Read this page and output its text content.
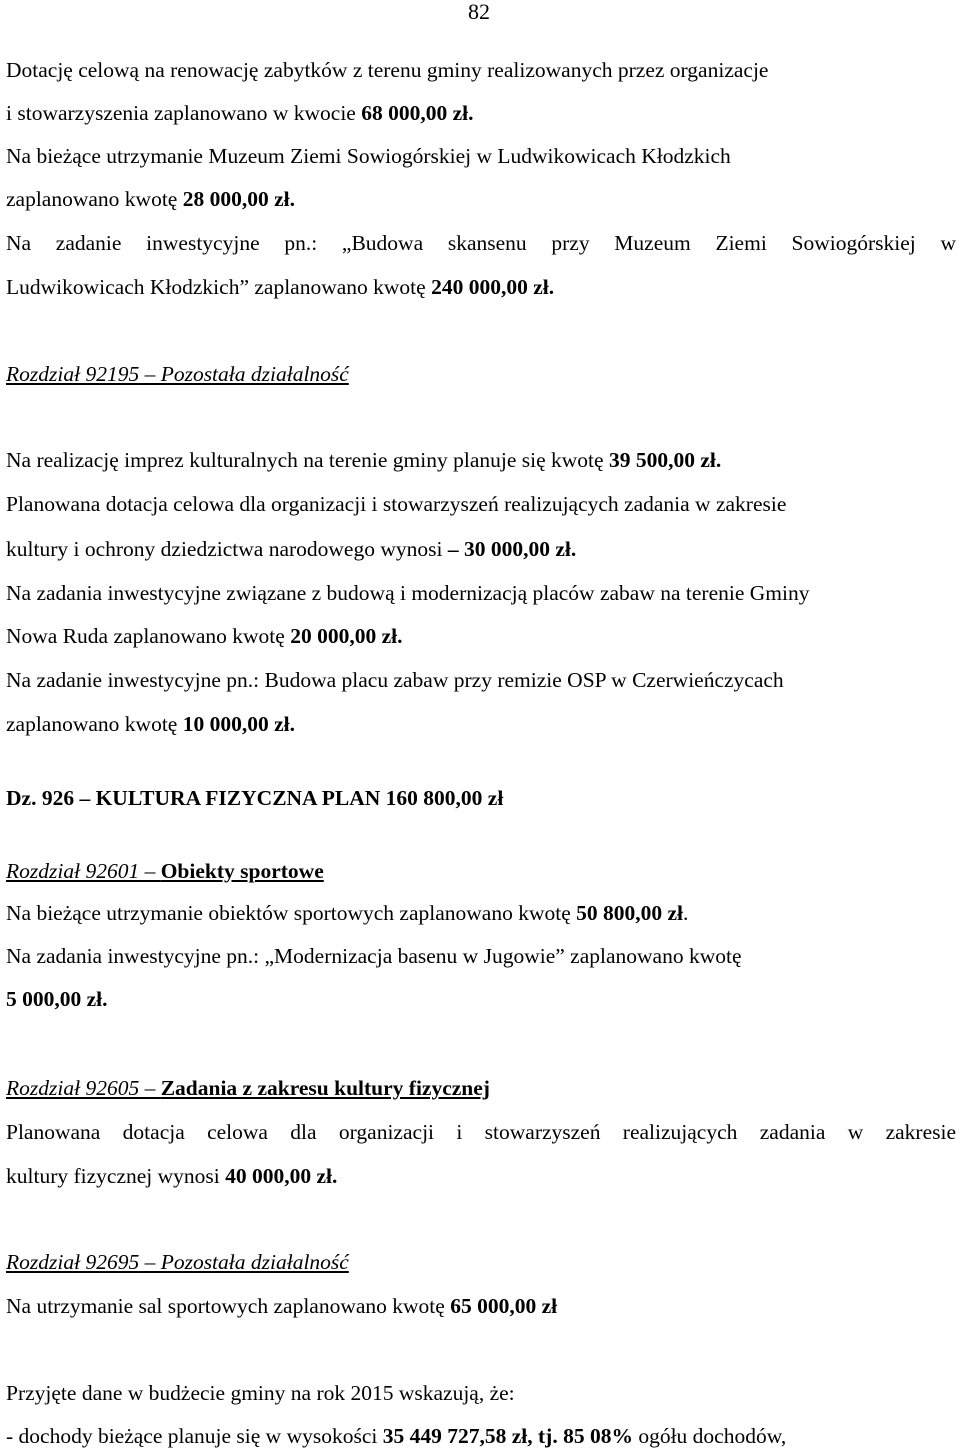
82
Dotację celową na renowację zabytków z terenu gminy realizowanych przez organizacje
i stowarzyszenia zaplanowano w kwocie 68 000,00 zł.
Na bieżące utrzymanie Muzeum Ziemi Sowiogórskiej w Ludwikowicach Kłodzkich
zaplanowano kwotę 28 000,00 zł.
Na zadanie inwestycyjne pn.: „Budowa skansenu przy Muzeum Ziemi Sowiogórskiej w
Ludwikowicach Kłodzkich” zaplanowano kwotę 240 000,00 zł.
Rozdział 92195 – Pozostała działalność
Na realizację imprez kulturalnych na terenie gminy planuje się kwotę 39 500,00 zł.
Planowana dotacja celowa dla organizacji i stowarzyszeń realizujących zadania w zakresie
kultury i ochrony dziedzictwa narodowego wynosi – 30 000,00 zł.
Na zadania inwestycyjne związane z budową i modernizacją placów zabaw na terenie Gminy
Nowa Ruda zaplanowano kwotę 20 000,00 zł.
Na zadanie inwestycyjne pn.: Budowa placu zabaw przy remizie OSP w Czerwieńczycach
zaplanowano kwotę 10 000,00 zł.
Dz. 926 – KULTURA FIZYCZNA PLAN 160 800,00 zł
Rozdział 92601 – Obiekty sportowe
Na bieżące utrzymanie obiektów sportowych zaplanowano kwotę 50 800,00 zł.
Na zadania inwestycyjne pn.: „Modernizacja basenu w Jugowie” zaplanowano kwotę
5 000,00 zł.
Rozdział 92605 – Zadania z zakresu kultury fizycznej
Planowana dotacja celowa dla organizacji i stowarzyszeń realizujących zadania w zakresie
kultury fizycznej wynosi 40 000,00 zł.
Rozdział 92695 – Pozostała działalność
Na utrzymanie sal sportowych zaplanowano kwotę 65 000,00 zł
Przyjęte dane w budżecie gminy na rok 2015 wskazują, że:
- dochody bieżące planuje się w wysokości 35 449 727,58 zł, tj. 85 08% ogółu dochodów,
